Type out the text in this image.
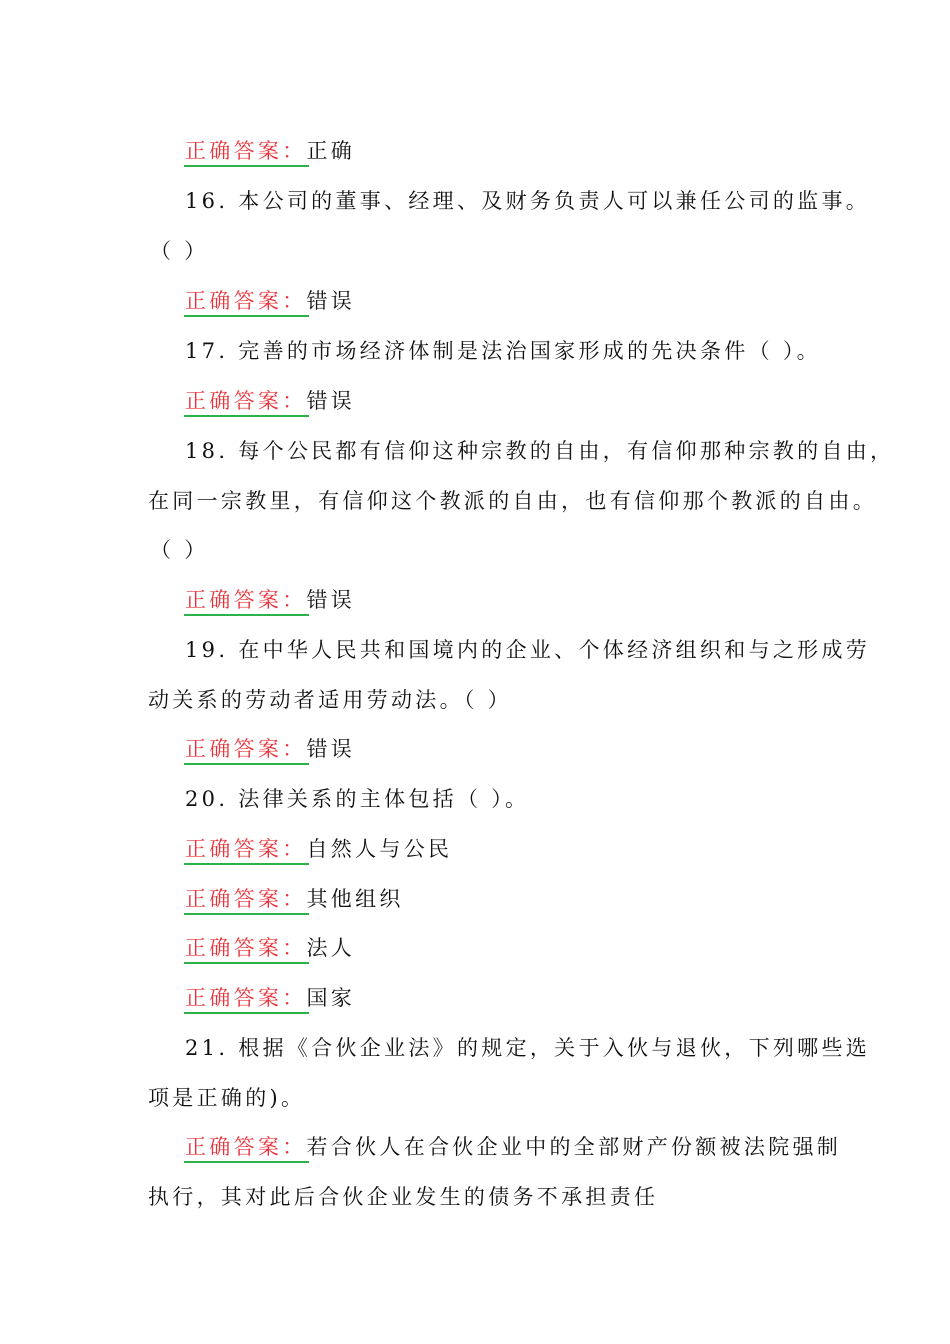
正确答案：正确
16. 本公司的董事、经理、及财务负责人可以兼任公司的监事。
（ ）
正确答案：错误
17. 完善的市场经济体制是法治国家形成的先决条件（ ）。
正确答案：错误
18. 每个公民都有信仰这种宗教的自由，有信仰那种宗教的自由，
在同一宗教里，有信仰这个教派的自由，也有信仰那个教派的自由。
（ ）
正确答案：错误
19. 在中华人民共和国境内的企业、个体经济组织和与之形成劳
动关系的劳动者适用劳动法。（ ）
正确答案：错误
20. 法律关系的主体包括（ ）。
正确答案：自然人与公民
正确答案：其他组织
正确答案：法人
正确答案：国家
21. 根据《合伙企业法》的规定，关于入伙与退伙，下列哪些选
项是正确的)。
正确答案：若合伙人在合伙企业中的全部财产份额被法院强制
执行，其对此后合伙企业发生的债务不承担责任
